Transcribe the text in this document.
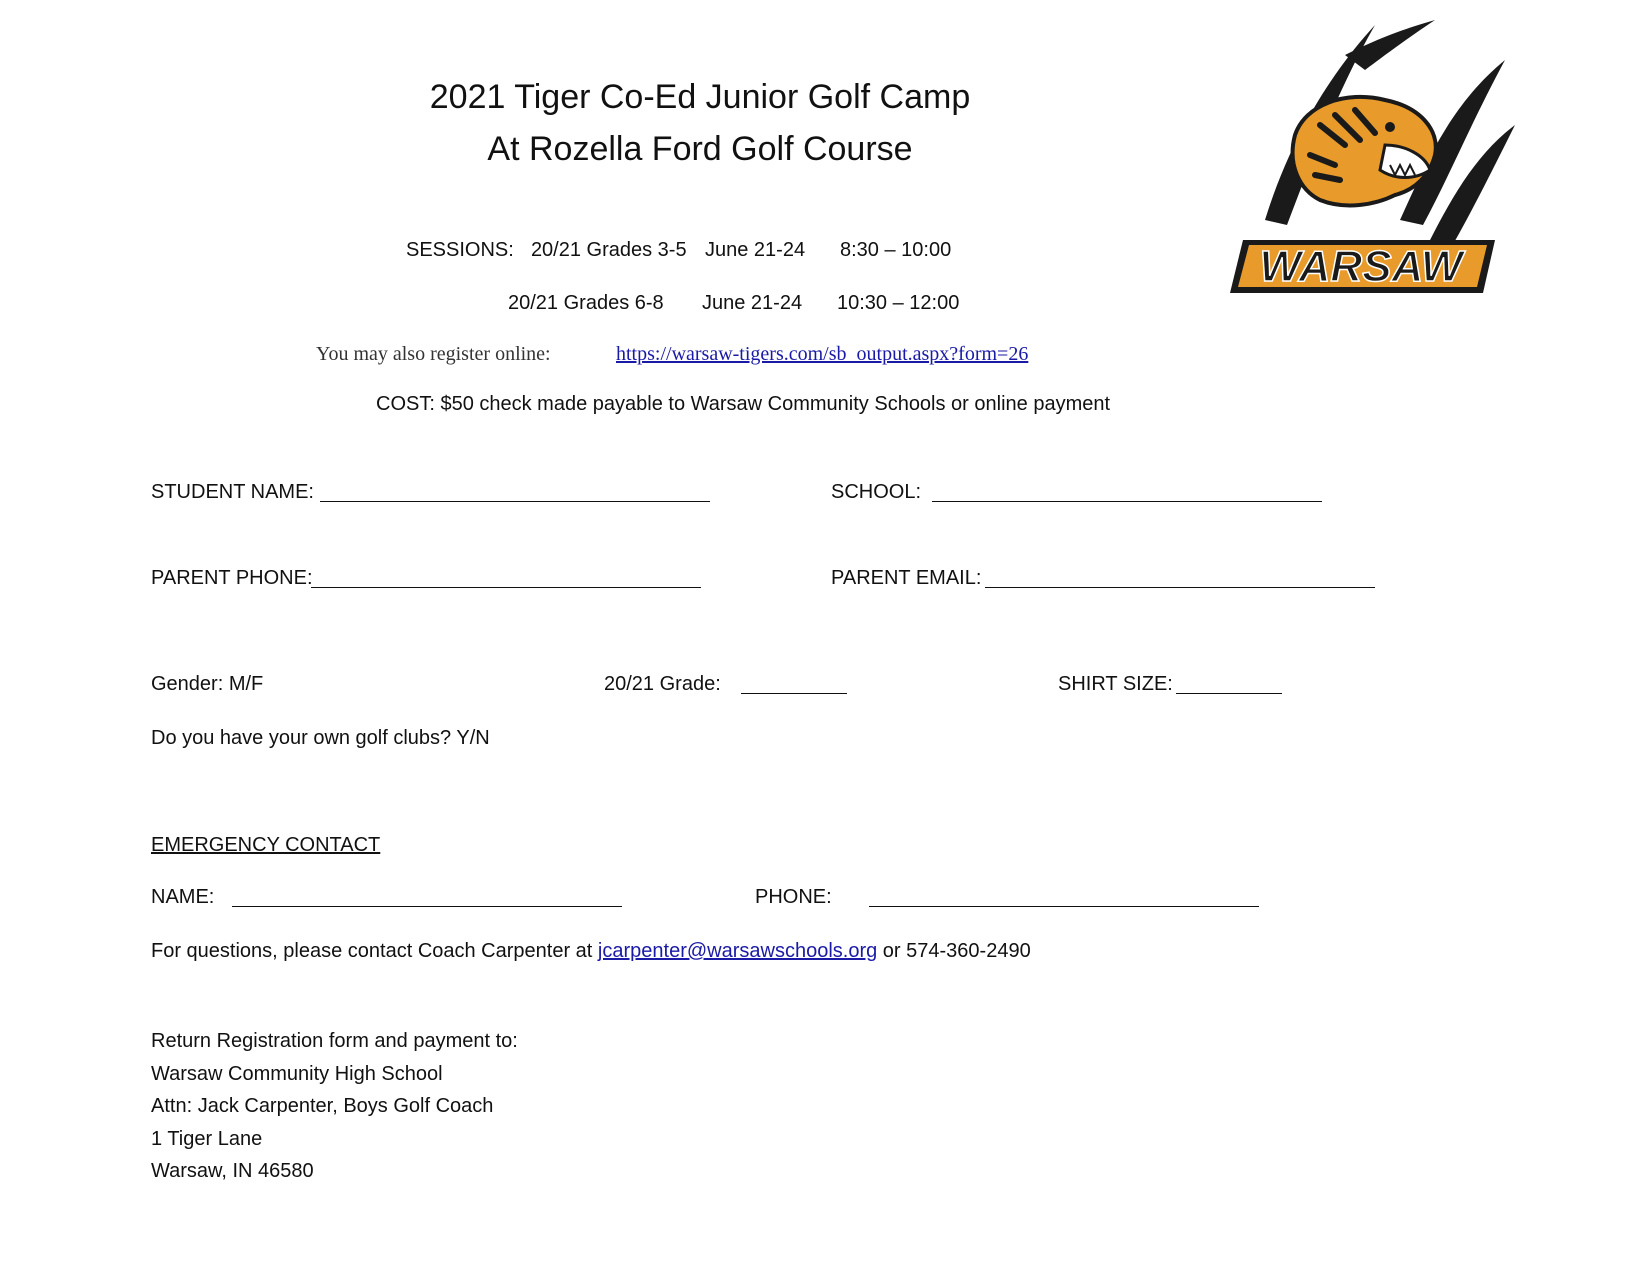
2021 Tiger Co-Ed Junior Golf Camp
At Rozella Ford Golf Course
WARSAW
SESSIONS: 20/21 Grades 3-5 June 21-24 8:30 – 10:00
20/21 Grades 6-8 June 21-24 10:30 – 12:00
You may also register online:	https://warsaw-tigers.com/sb_output.aspx?form=26
COST: $50 check made payable to Warsaw Community Schools or online payment
STUDENT NAME:	SCHOOL:
PARENT PHONE:	PARENT EMAIL:
Gender: M/F	20/21 Grade:	SHIRT SIZE:
Do you have your own golf clubs? Y/N
EMERGENCY CONTACT
NAME:	PHONE:
For questions, please contact Coach Carpenter at jcarpenter@warsawschools.org or 574-360-2490
Return Registration form and payment to:
Warsaw Community High School
Attn: Jack Carpenter, Boys Golf Coach
1 Tiger Lane
Warsaw, IN 46580
